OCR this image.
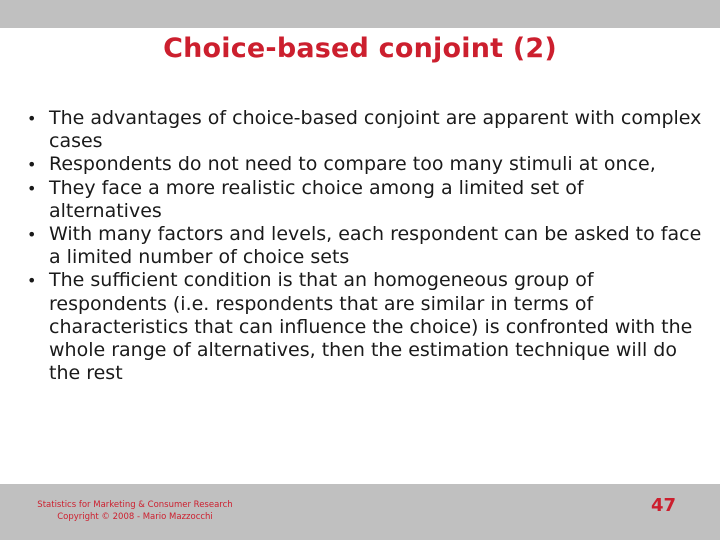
Choice-based conjoint (2)
• The advantages of choice-based conjoint are apparent with complex cases
• Respondents do not need to compare too many stimuli at once,
• They face a more realistic choice among a limited set of alternatives
• With many factors and levels, each respondent can be asked to face a limited number of choice sets
• The sufficient condition is that an homogeneous group of respondents (i.e. respondents that are similar in terms of characteristics that can influence the choice) is confronted with the whole range of alternatives, then the estimation technique will do the rest
Statistics for Marketing & Consumer Research
Copyright © 2008 - Mario Mazzocchi
47
